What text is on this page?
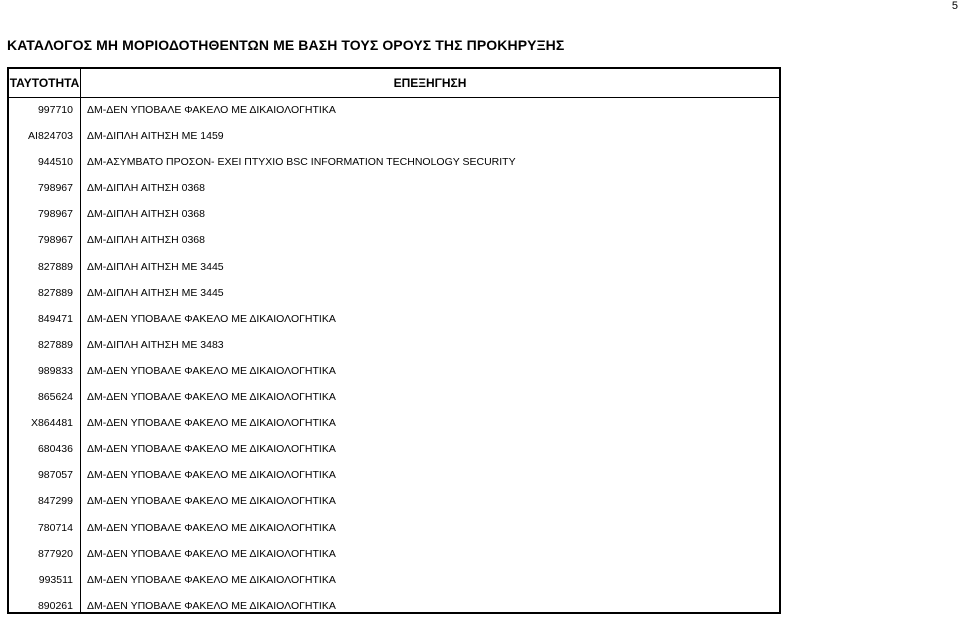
5
ΚΑΤΑΛΟΓΟΣ ΜΗ ΜΟΡΙΟΔΟΤΗΘΕΝΤΩΝ ΜΕ ΒΑΣΗ ΤΟΥΣ ΟΡΟΥΣ ΤΗΣ ΠΡΟΚΗΡΥΞΗΣ
ΤΑΥΤΟΤΗΤΑ	ΕΠΕΞΗΓΗΣΗ
997710 ΔΜ-ΔΕΝ ΥΠΟΒΑΛΕ ΦΑΚΕΛΟ ΜΕ ΔΙΚΑΙΟΛΟΓΗΤΙΚΑ
AI824703 ΔΜ-ΔΙΠΛΗ ΑΙΤΗΣΗ ΜΕ 1459
944510 ΔΜ-ΑΣΥΜΒΑΤΟ ΠΡΟΣΟΝ- ΕΧΕΙ ΠΤΥΧΙΟ BSC INFORMATION TECHNOLOGY SECURITY
798967 ΔΜ-ΔΙΠΛΗ ΑΙΤΗΣΗ 0368
798967 ΔΜ-ΔΙΠΛΗ ΑΙΤΗΣΗ 0368
798967 ΔΜ-ΔΙΠΛΗ ΑΙΤΗΣΗ 0368
827889 ΔΜ-ΔΙΠΛΗ ΑΙΤΗΣΗ ΜΕ 3445
827889 ΔΜ-ΔΙΠΛΗ ΑΙΤΗΣΗ ΜΕ 3445
849471 ΔΜ-ΔΕΝ ΥΠΟΒΑΛΕ ΦΑΚΕΛΟ ΜΕ ΔΙΚΑΙΟΛΟΓΗΤΙΚΑ
827889 ΔΜ-ΔΙΠΛΗ ΑΙΤΗΣΗ ΜΕ 3483
989833 ΔΜ-ΔΕΝ ΥΠΟΒΑΛΕ ΦΑΚΕΛΟ ΜΕ ΔΙΚΑΙΟΛΟΓΗΤΙΚΑ
865624 ΔΜ-ΔΕΝ ΥΠΟΒΑΛΕ ΦΑΚΕΛΟ ΜΕ ΔΙΚΑΙΟΛΟΓΗΤΙΚΑ
X864481 ΔΜ-ΔΕΝ ΥΠΟΒΑΛΕ ΦΑΚΕΛΟ ΜΕ ΔΙΚΑΙΟΛΟΓΗΤΙΚΑ
680436 ΔΜ-ΔΕΝ ΥΠΟΒΑΛΕ ΦΑΚΕΛΟ ΜΕ ΔΙΚΑΙΟΛΟΓΗΤΙΚΑ
987057 ΔΜ-ΔΕΝ ΥΠΟΒΑΛΕ ΦΑΚΕΛΟ ΜΕ ΔΙΚΑΙΟΛΟΓΗΤΙΚΑ
847299 ΔΜ-ΔΕΝ ΥΠΟΒΑΛΕ ΦΑΚΕΛΟ ΜΕ ΔΙΚΑΙΟΛΟΓΗΤΙΚΑ
780714 ΔΜ-ΔΕΝ ΥΠΟΒΑΛΕ ΦΑΚΕΛΟ ΜΕ ΔΙΚΑΙΟΛΟΓΗΤΙΚΑ
877920 ΔΜ-ΔΕΝ ΥΠΟΒΑΛΕ ΦΑΚΕΛΟ ΜΕ ΔΙΚΑΙΟΛΟΓΗΤΙΚΑ
993511 ΔΜ-ΔΕΝ ΥΠΟΒΑΛΕ ΦΑΚΕΛΟ ΜΕ ΔΙΚΑΙΟΛΟΓΗΤΙΚΑ
890261 ΔΜ-ΔΕΝ ΥΠΟΒΑΛΕ ΦΑΚΕΛΟ ΜΕ ΔΙΚΑΙΟΛΟΓΗΤΙΚΑ
